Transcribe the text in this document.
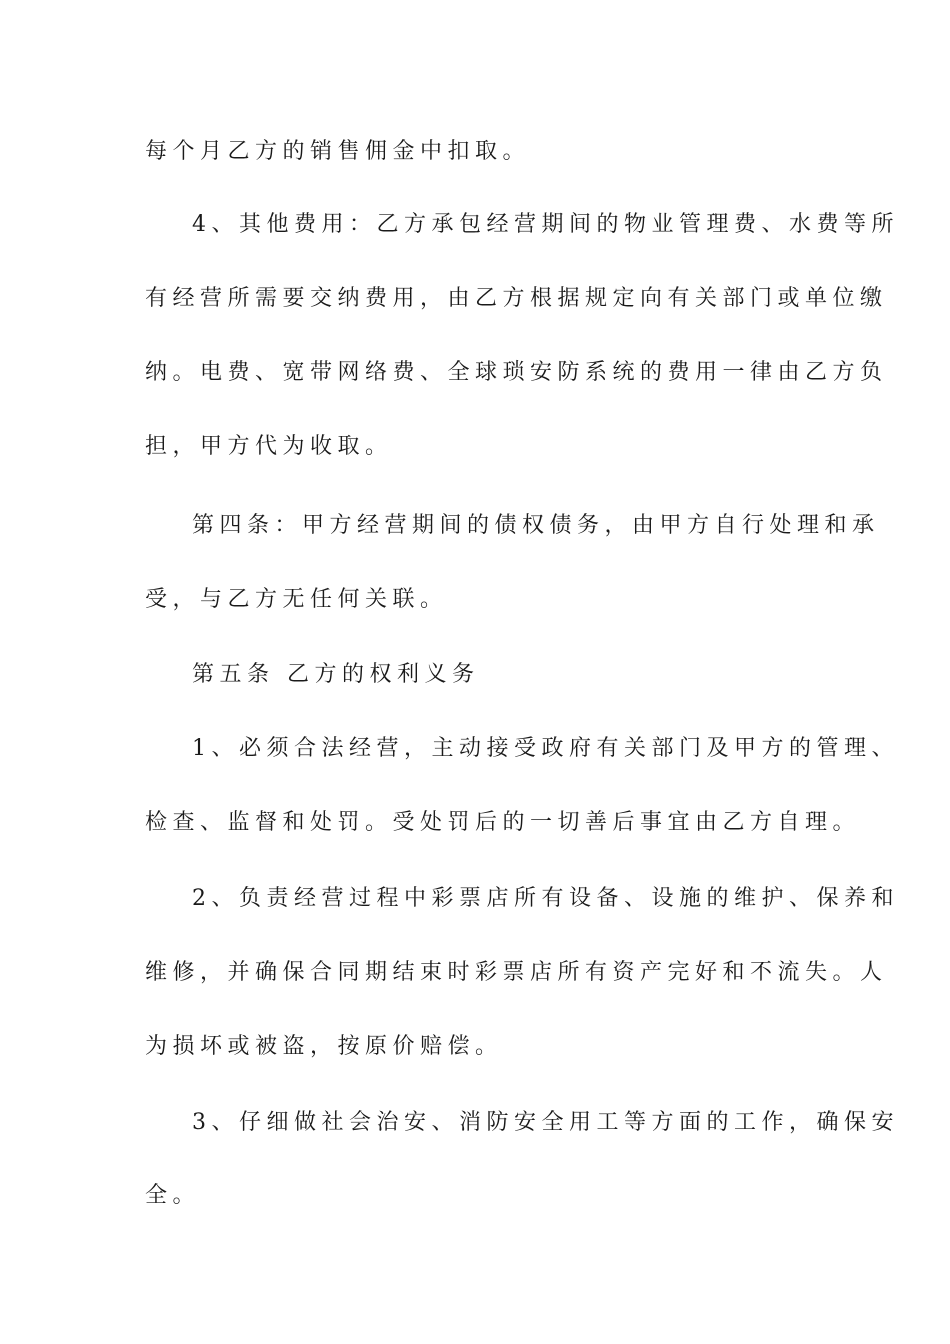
每个月乙方的销售佣金中扣取。
4、其他费用：乙方承包经营期间的物业管理费、水费等所
有经营所需要交纳费用，由乙方根据规定向有关部门或单位缴
纳。电费、宽带网络费、全球琐安防系统的费用一律由乙方负
担，甲方代为收取。
第四条：甲方经营期间的债权债务，由甲方自行处理和承
受，与乙方无任何关联。
第五条 乙方的权利义务
1、必须合法经营，主动接受政府有关部门及甲方的管理、
检查、监督和处罚。受处罚后的一切善后事宜由乙方自理。
2、负责经营过程中彩票店所有设备、设施的维护、保养和
维修，并确保合同期结束时彩票店所有资产完好和不流失。人
为损坏或被盗，按原价赔偿。
3、仔细做社会治安、消防安全用工等方面的工作，确保安
全。
